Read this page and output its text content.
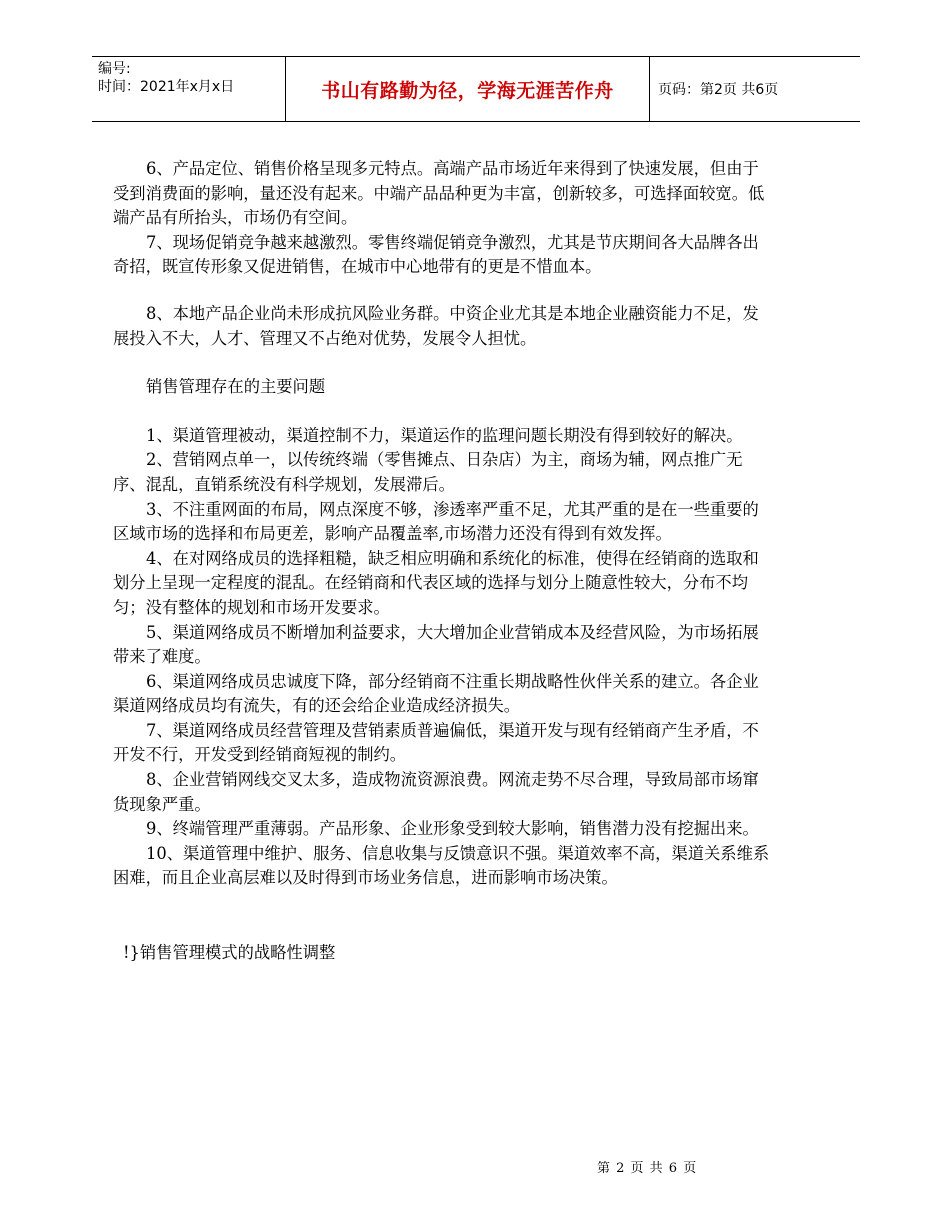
编号:
时间：2021年x月x日	书山有路勤为径，学海无涯苦作舟	页码：第2页 共6页

6、产品定位、销售价格呈现多元特点。高端产品市场近年来得到了快速发展，但由于受到消费面的影响，量还没有起来。中端产品品种更为丰富，创新较多，可选择面较宽。低端产品有所抬头，市场仍有空间。

7、现场促销竞争越来越激烈。零售终端促销竞争激烈，尤其是节庆期间各大品牌各出奇招，既宣传形象又促进销售，在城市中心地带有的更是不惜血本。

8、本地产品企业尚未形成抗风险业务群。中资企业尤其是本地企业融资能力不足，发展投入不大，人才、管理又不占绝对优势，发展令人担忧。

销售管理存在的主要问题

1、渠道管理被动，渠道控制不力，渠道运作的监理问题长期没有得到较好的解决。

2、营销网点单一，以传统终端（零售摊点、日杂店）为主，商场为辅，网点推广无序、混乱，直销系统没有科学规划，发展滞后。

3、不注重网面的布局，网点深度不够，渗透率严重不足，尤其严重的是在一些重要的区域市场的选择和布局更差，影响产品覆盖率,市场潜力还没有得到有效发挥。

4、在对网络成员的选择粗糙，缺乏相应明确和系统化的标准，使得在经销商的选取和划分上呈现一定程度的混乱。在经销商和代表区域的选择与划分上随意性较大，分布不均匀；没有整体的规划和市场开发要求。

5、渠道网络成员不断增加利益要求，大大增加企业营销成本及经营风险，为市场拓展带来了难度。

6、渠道网络成员忠诚度下降，部分经销商不注重长期战略性伙伴关系的建立。各企业渠道网络成员均有流失，有的还会给企业造成经济损失。

7、渠道网络成员经营管理及营销素质普遍偏低，渠道开发与现有经销商产生矛盾，不开发不行，开发受到经销商短视的制约。

8、企业营销网线交叉太多，造成物流资源浪费。网流走势不尽合理，导致局部市场窜货现象严重。

9、终端管理严重薄弱。产品形象、企业形象受到较大影响，销售潜力没有挖掘出来。

10、渠道管理中维护、服务、信息收集与反馈意识不强。渠道效率不高，渠道关系维系困难，而且企业高层难以及时得到市场业务信息，进而影响市场决策。

!}销售管理模式的战略性调整

第 2 页 共 6 页
